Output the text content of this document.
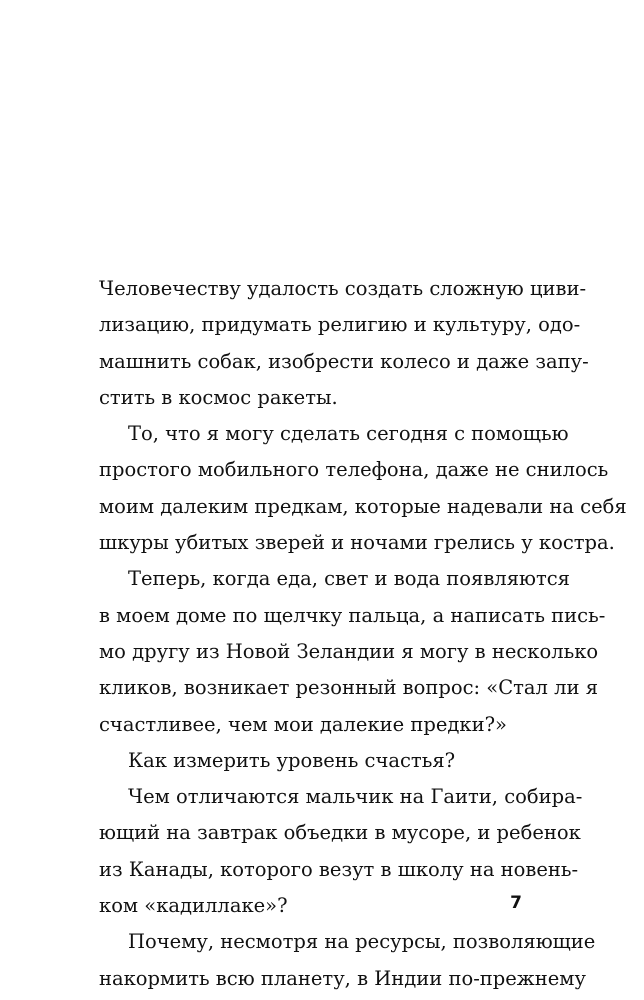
Человечеству удалость создать сложную циви-
лизацию, придумать религию и культуру, одо-
машнить собак, изобрести колесо и даже запу-
стить в космос ракеты.
То, что я могу сделать сегодня с помощью
простого мобильного телефона, даже не снилось
моим далеким предкам, которые надевали на себя
шкуры убитых зверей и ночами грелись у костра.
Теперь, когда еда, свет и вода появляются
в моем доме по щелчку пальца, а написать пись-
мо другу из Новой Зеландии я могу в несколько
кликов, возникает резонный вопрос: «Стал ли я
счастливее, чем мои далекие предки?»
Как измерить уровень счастья?
Чем отличаются мальчик на Гаити, собира-
ющий на завтрак объедки в мусоре, и ребенок
из Канады, которого везут в школу на новень-
ком «кадиллаке»?
Почему, несмотря на ресурсы, позволяющие
накормить всю планету, в Индии по-прежнему
7
